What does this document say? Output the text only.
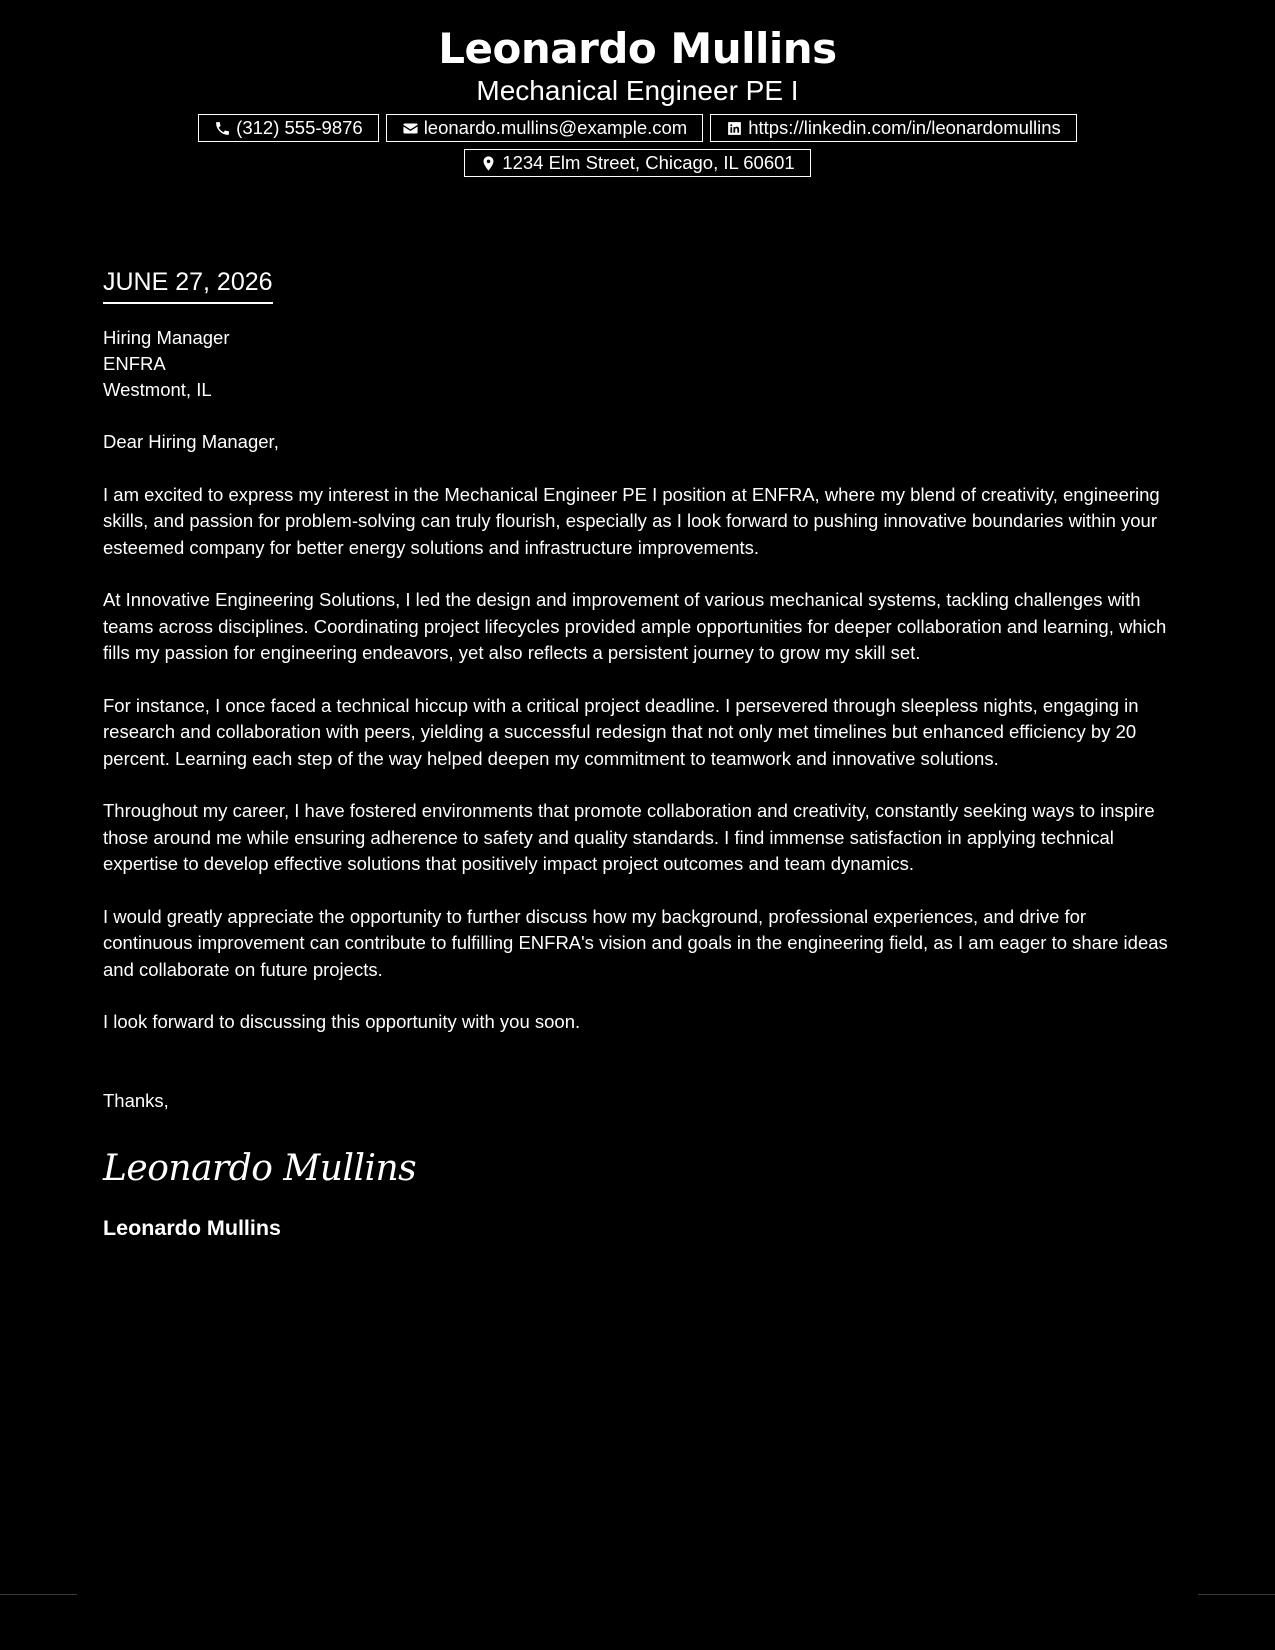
Leonardo Mullins
Mechanical Engineer PE I
(312) 555-9876	leonardo.mullins@example.com	https://linkedin.com/in/leonardomullins
1234 Elm Street, Chicago, IL 60601
JUNE 27, 2026
Hiring Manager
ENFRA
Westmont, IL
Dear Hiring Manager,
I am excited to express my interest in the Mechanical Engineer PE I position at ENFRA, where my blend of creativity, engineering skills, and passion for problem-solving can truly flourish, especially as I look forward to pushing innovative boundaries within your esteemed company for better energy solutions and infrastructure improvements.
At Innovative Engineering Solutions, I led the design and improvement of various mechanical systems, tackling challenges with teams across disciplines. Coordinating project lifecycles provided ample opportunities for deeper collaboration and learning, which fills my passion for engineering endeavors, yet also reflects a persistent journey to grow my skill set.
For instance, I once faced a technical hiccup with a critical project deadline. I persevered through sleepless nights, engaging in research and collaboration with peers, yielding a successful redesign that not only met timelines but enhanced efficiency by 20 percent. Learning each step of the way helped deepen my commitment to teamwork and innovative solutions.
Throughout my career, I have fostered environments that promote collaboration and creativity, constantly seeking ways to inspire those around me while ensuring adherence to safety and quality standards. I find immense satisfaction in applying technical expertise to develop effective solutions that positively impact project outcomes and team dynamics.
I would greatly appreciate the opportunity to further discuss how my background, professional experiences, and drive for continuous improvement can contribute to fulfilling ENFRA's vision and goals in the engineering field, as I am eager to share ideas and collaborate on future projects.
I look forward to discussing this opportunity with you soon.
Thanks,
Leonardo Mullins
Leonardo Mullins
